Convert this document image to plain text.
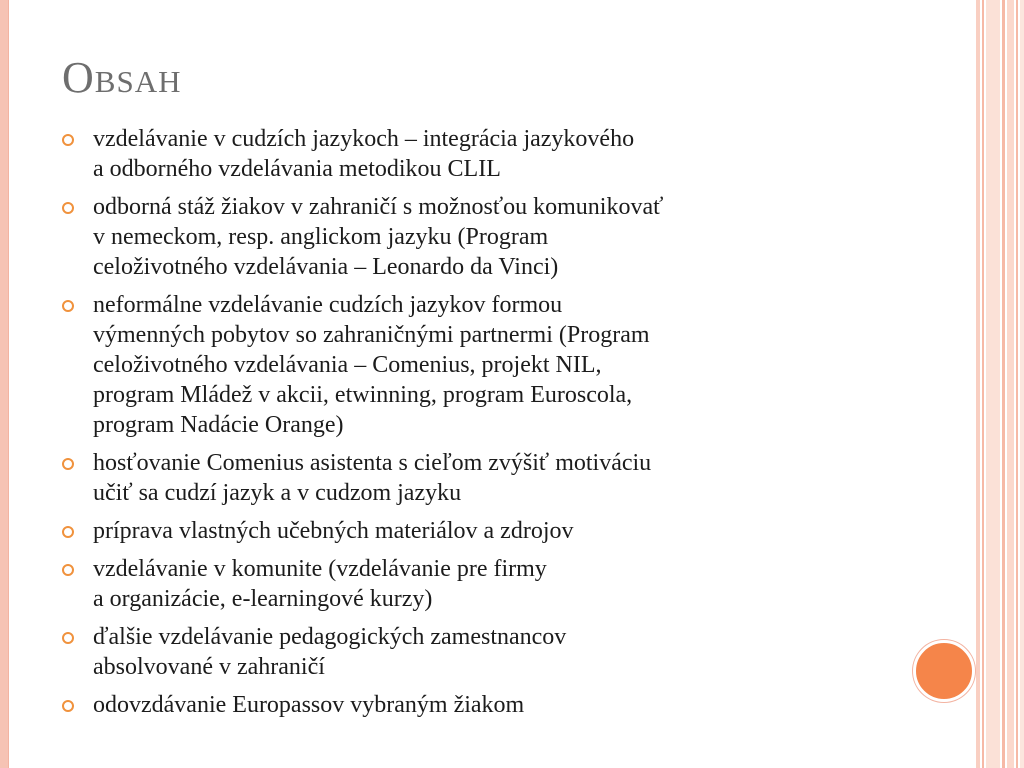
Obsah
vzdelávanie v cudzích jazykoch – integrácia jazykového
a odborného vzdelávania metodikou CLIL
odborná stáž žiakov v zahraničí s možnosťou komunikovať
v nemeckom, resp. anglickom jazyku (Program
celoživotného vzdelávania – Leonardo da Vinci)
neformálne vzdelávanie cudzích jazykov formou
výmenných pobytov so zahraničnými partnermi (Program
celoživotného vzdelávania – Comenius, projekt NIL,
program Mládež v akcii, etwinning, program Euroscola,
program Nadácie Orange)
hosťovanie Comenius asistenta s cieľom zvýšiť motiváciu
učiť sa cudzí jazyk a v cudzom jazyku
príprava vlastných učebných materiálov a zdrojov
vzdelávanie v komunite (vzdelávanie pre firmy
a organizácie, e-learningové kurzy)
ďalšie vzdelávanie pedagogických zamestnancov
absolvované v zahraničí
odovzdávanie Europassov vybraným žiakom
